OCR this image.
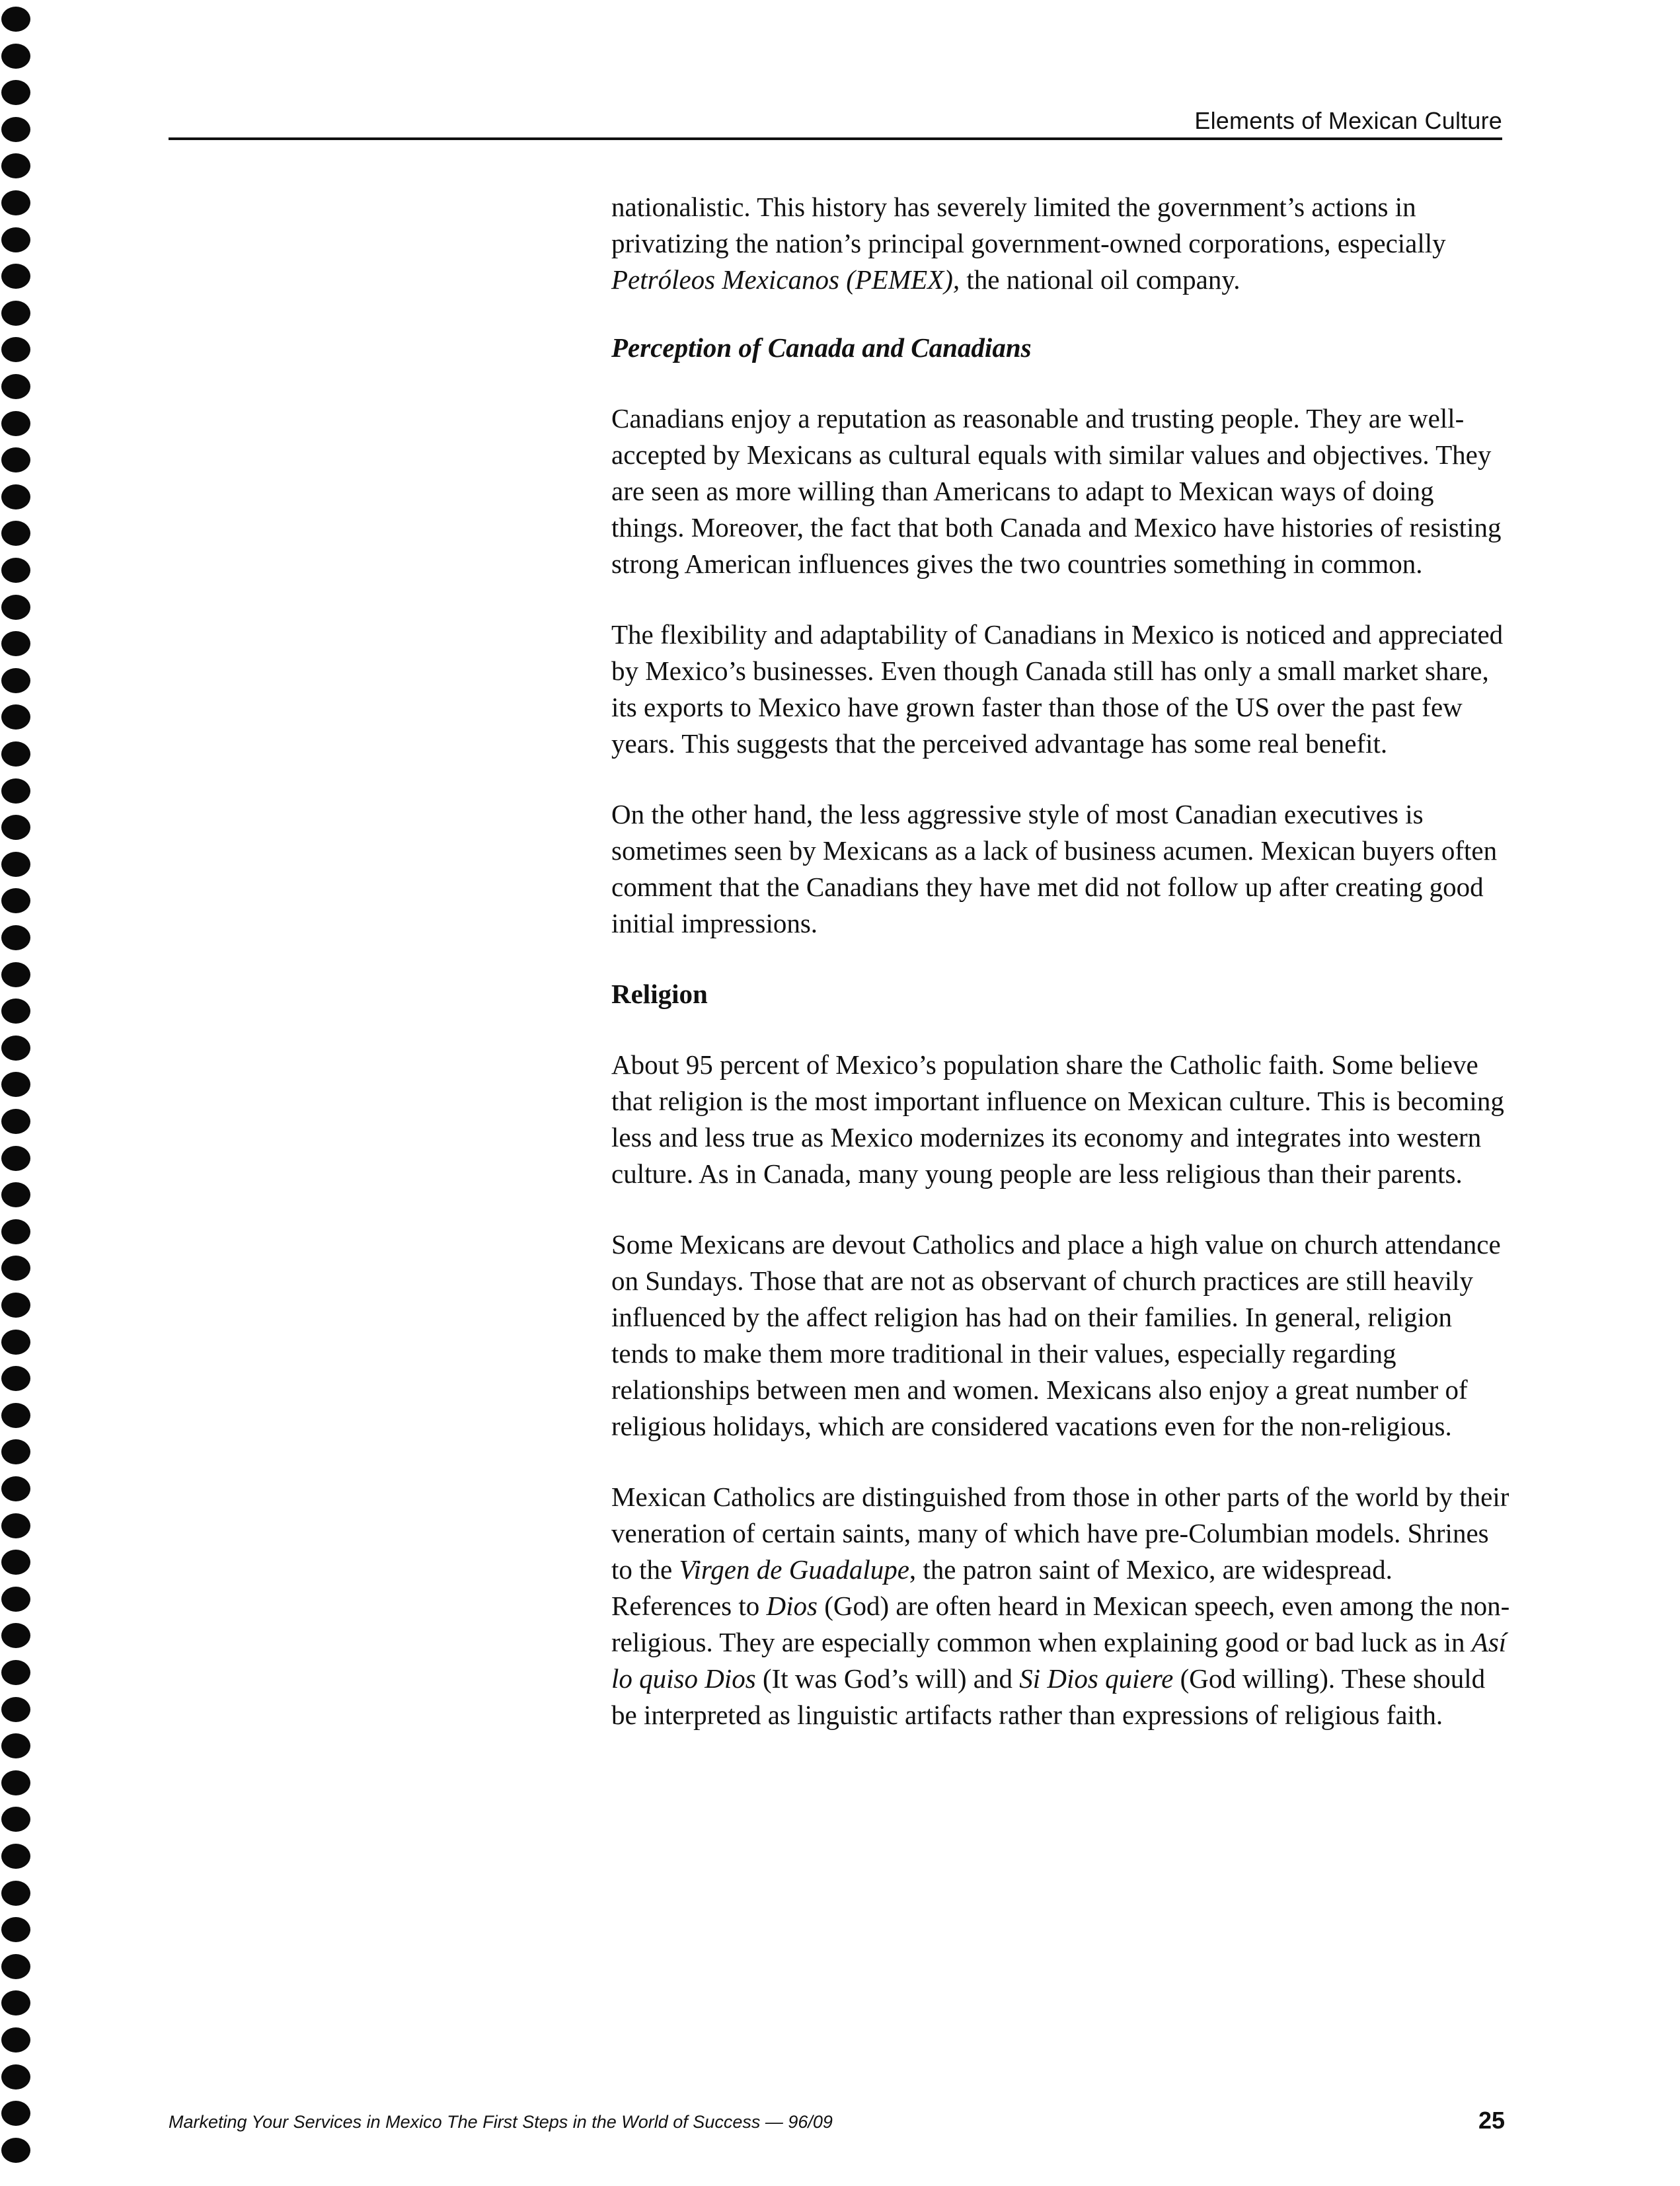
Elements of Mexican Culture

nationalistic. This history has severely limited the government’s actions in privatizing the nation’s principal government-owned corporations, especially Petróleos Mexicanos (PEMEX), the national oil company.

Perception of Canada and Canadians

Canadians enjoy a reputation as reasonable and trusting people. They are well-accepted by Mexicans as cultural equals with similar values and objectives. They are seen as more willing than Americans to adapt to Mexican ways of doing things. Moreover, the fact that both Canada and Mexico have histories of resisting strong American influences gives the two countries something in common.

The flexibility and adaptability of Canadians in Mexico is noticed and appreciated by Mexico’s businesses. Even though Canada still has only a small market share, its exports to Mexico have grown faster than those of the US over the past few years. This suggests that the perceived advantage has some real benefit.

On the other hand, the less aggressive style of most Canadian executives is sometimes seen by Mexicans as a lack of business acumen. Mexican buyers often comment that the Canadians they have met did not follow up after creating good initial impressions.

Religion

About 95 percent of Mexico’s population share the Catholic faith. Some believe that religion is the most important influence on Mexican culture. This is becoming less and less true as Mexico modernizes its economy and integrates into western culture. As in Canada, many young people are less religious than their parents.

Some Mexicans are devout Catholics and place a high value on church attendance on Sundays. Those that are not as observant of church practices are still heavily influenced by the affect religion has had on their families. In general, religion tends to make them more traditional in their values, especially regarding relationships between men and women. Mexicans also enjoy a great number of religious holidays, which are considered vacations even for the non-religious.

Mexican Catholics are distinguished from those in other parts of the world by their veneration of certain saints, many of which have pre-Columbian models. Shrines to the Virgen de Guadalupe, the patron saint of Mexico, are widespread. References to Dios (God) are often heard in Mexican speech, even among the non-religious. They are especially common when explaining good or bad luck as in Así lo quiso Dios (It was God’s will) and Si Dios quiere (God willing). These should be interpreted as linguistic artifacts rather than expressions of religious faith.

Marketing Your Services in Mexico The First Steps in the World of Success — 96/09	25
